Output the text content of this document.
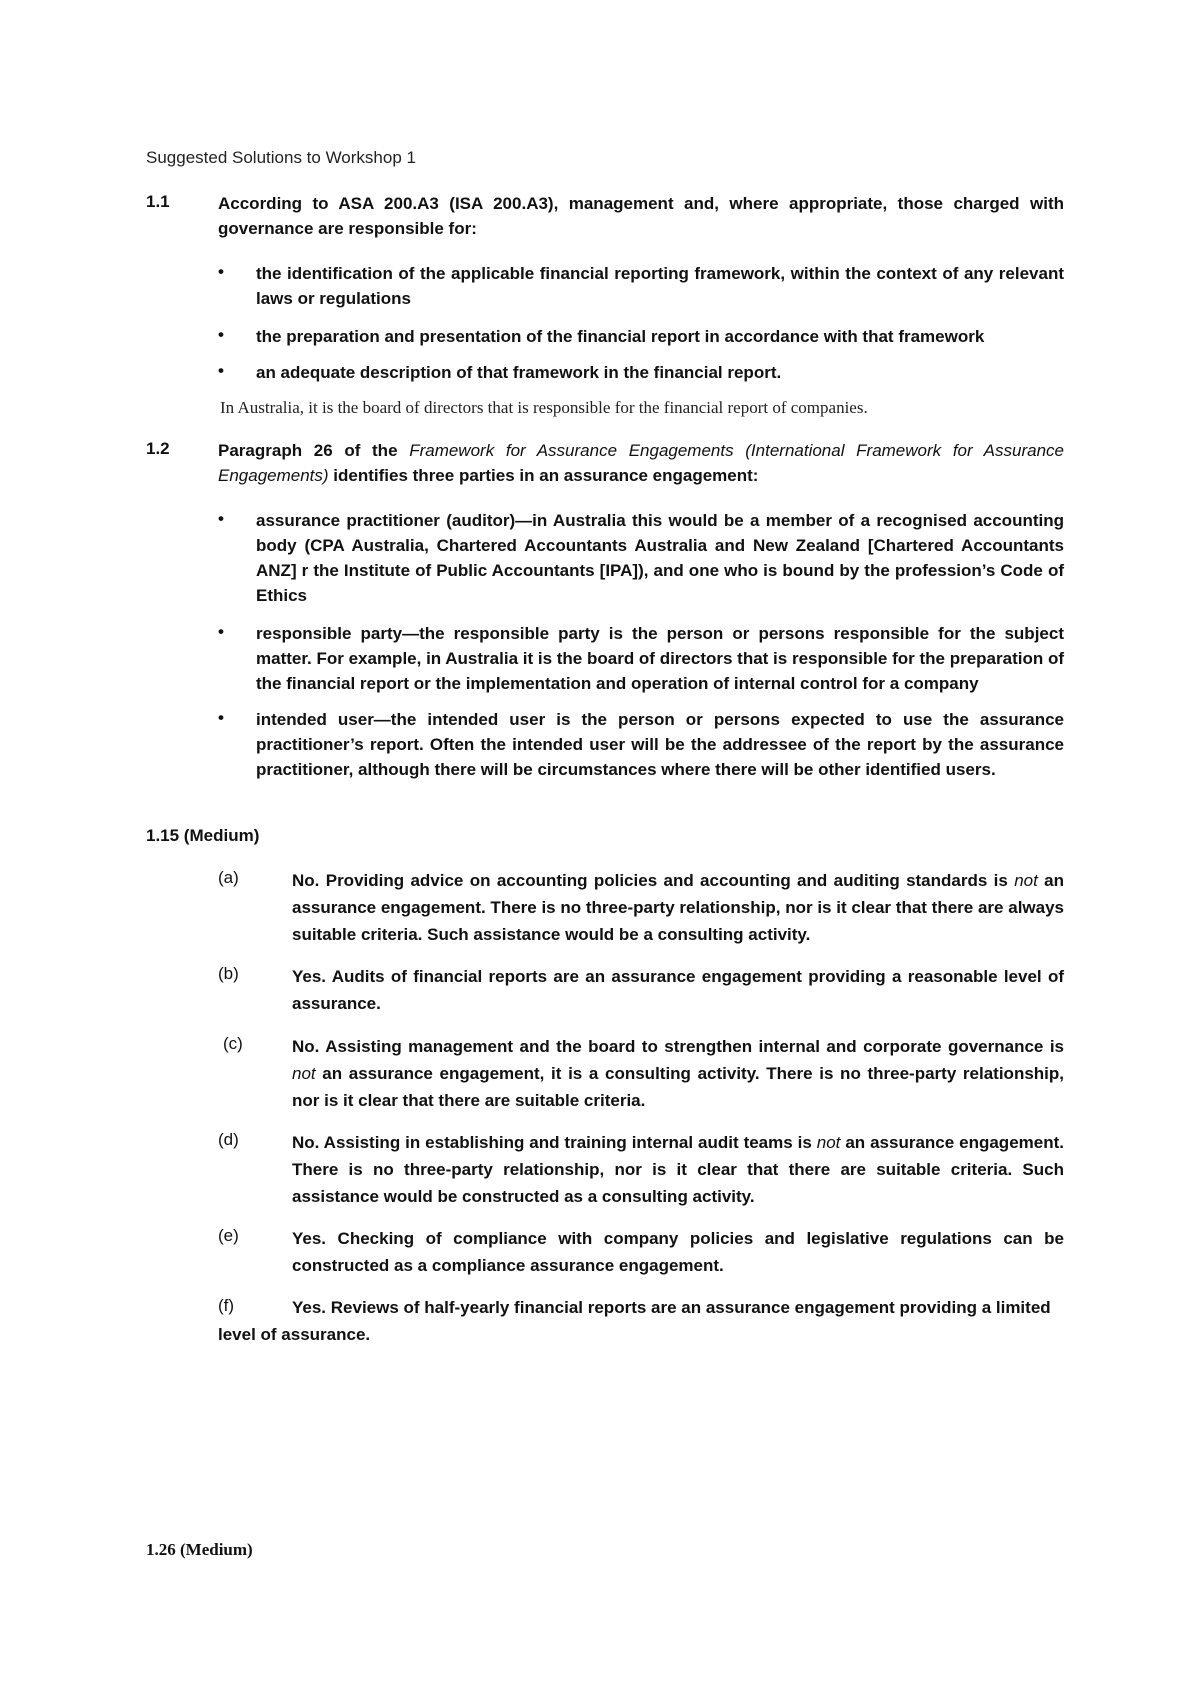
Suggested Solutions to Workshop 1
1.1	According to ASA 200.A3 (ISA 200.A3), management and, where appropriate, those charged with governance are responsible for:
• the identification of the applicable financial reporting framework, within the context of any relevant laws or regulations
• the preparation and presentation of the financial report in accordance with that framework
• an adequate description of that framework in the financial report.
In Australia, it is the board of directors that is responsible for the financial report of companies.
1.2	Paragraph 26 of the Framework for Assurance Engagements (International Framework for Assurance Engagements) identifies three parties in an assurance engagement:
• assurance practitioner (auditor)—in Australia this would be a member of a recognised accounting body (CPA Australia, Chartered Accountants Australia and New Zealand [Chartered Accountants ANZ] r the Institute of Public Accountants [IPA]), and one who is bound by the profession’s Code of Ethics
• responsible party—the responsible party is the person or persons responsible for the subject matter. For example, in Australia it is the board of directors that is responsible for the preparation of the financial report or the implementation and operation of internal control for a company
• intended user—the intended user is the person or persons expected to use the assurance practitioner’s report. Often the intended user will be the addressee of the report by the assurance practitioner, although there will be circumstances where there will be other identified users.
1.15 (Medium)
(a)	No. Providing advice on accounting policies and accounting and auditing standards is not an assurance engagement. There is no three-party relationship, nor is it clear that there are always suitable criteria. Such assistance would be a consulting activity.
(b)	Yes. Audits of financial reports are an assurance engagement providing a reasonable level of assurance.
(c)	No. Assisting management and the board to strengthen internal and corporate governance is not an assurance engagement, it is a consulting activity. There is no three-party relationship, nor is it clear that there are suitable criteria.
(d)	No. Assisting in establishing and training internal audit teams is not an assurance engagement. There is no three-party relationship, nor is it clear that there are suitable criteria. Such assistance would be constructed as a consulting activity.
(e)	Yes. Checking of compliance with company policies and legislative regulations can be constructed as a compliance assurance engagement.
(f)	Yes. Reviews of half-yearly financial reports are an assurance engagement providing a limited
level of assurance.
1.26 (Medium)
